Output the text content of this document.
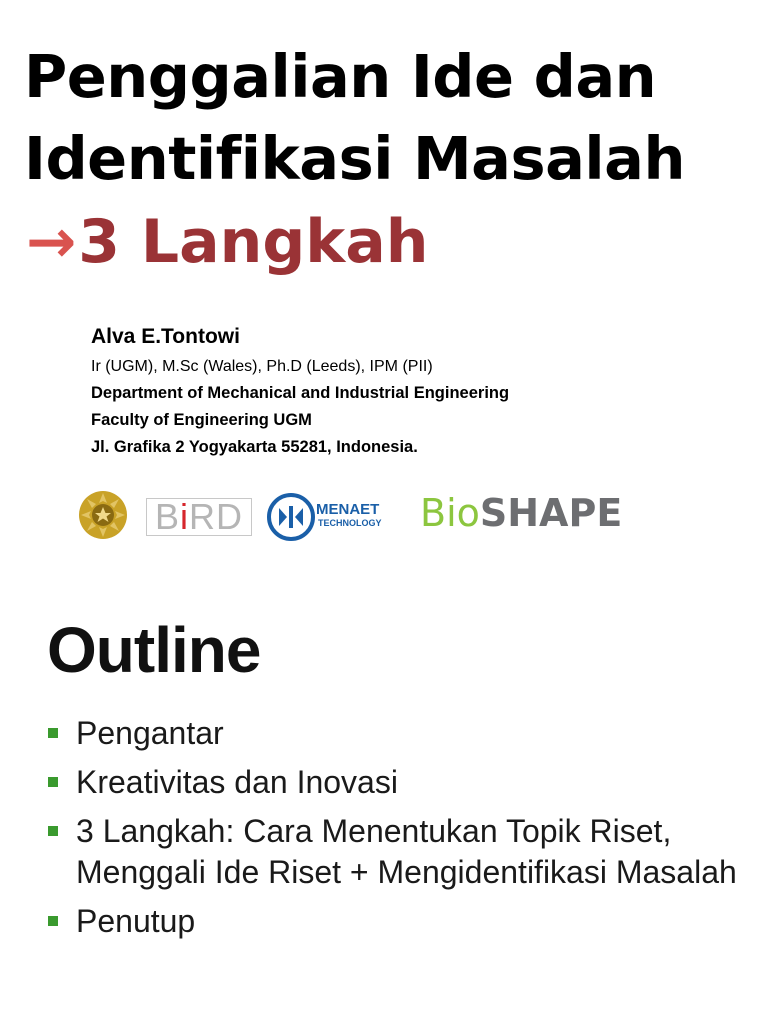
Penggalian Ide dan
Identifikasi Masalah
→3 Langkah

Alva E.Tontowi

Ir (UGM), M.Sc (Wales), Ph.D (Leeds), IPM (PII)

Department of Mechanical and Industrial Engineering

Faculty of Engineering UGM

Jl. Grafika 2 Yogyakarta 55281, Indonesia.

BiRD	MENAET
TECHNOLOGY BioSHAPE
Outline
Pengantar
Kreativitas dan Inovasi
3 Langkah: Cara Menentukan Topik Riset, Menggali Ide Riset + Mengidentifikasi Masalah
Penutup
